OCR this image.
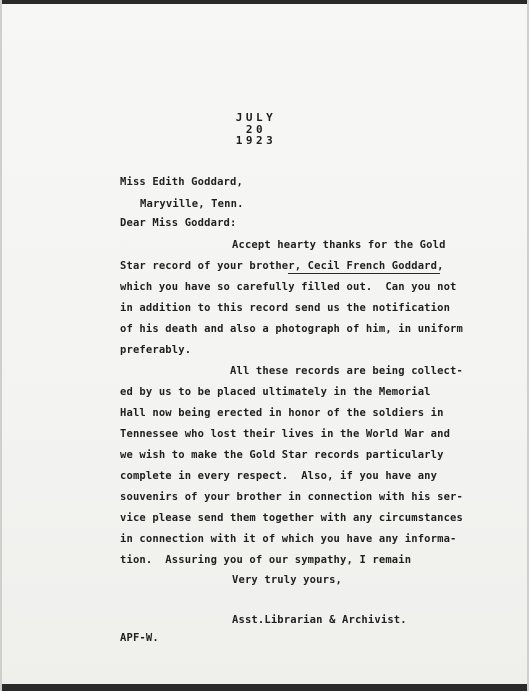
JULY
20
1923
Miss Edith Goddard,
Maryville, Tenn.
Dear Miss Goddard:
Accept hearty thanks for the Gold
Star record of your brother, Cecil French Goddard,
which you have so carefully filled out.  Can you not
in addition to this record send us the notification
of his death and also a photograph of him, in uniform
preferably.
All these records are being collect-
ed by us to be placed ultimately in the Memorial
Hall now being erected in honor of the soldiers in
Tennessee who lost their lives in the World War and
we wish to make the Gold Star records particularly
complete in every respect.  Also, if you have any
souvenirs of your brother in connection with his ser-
vice please send them together with any circumstances
in connection with it of which you have any informa-
tion.  Assuring you of our sympathy, I remain
Very truly yours,
Asst.Librarian & Archivist.
APF-W.
